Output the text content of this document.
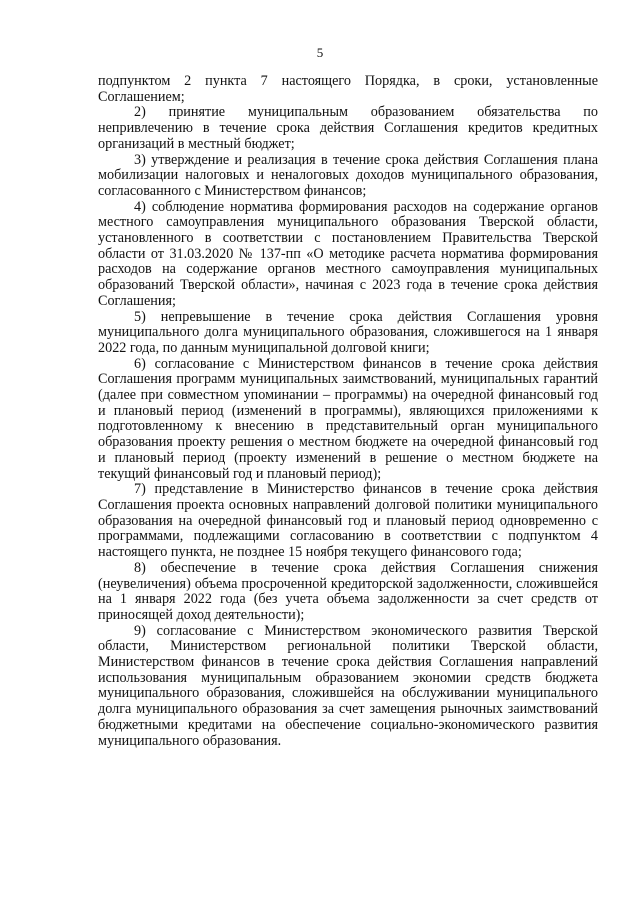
5

подпунктом 2 пункта 7 настоящего Порядка, в сроки, установленные Соглашением;

2) принятие муниципальным образованием обязательства по непривлечению в течение срока действия Соглашения кредитов кредитных организаций в местный бюджет;

3) утверждение и реализация в течение срока действия Соглашения плана мобилизации налоговых и неналоговых доходов муниципального образования, согласованного с Министерством финансов;

4) соблюдение норматива формирования расходов на содержание органов местного самоуправления муниципального образования Тверской области, установленного в соответствии с постановлением Правительства Тверской области от 31.03.2020 № 137-пп «О методике расчета норматива формирования расходов на содержание органов местного самоуправления муниципальных образований Тверской области», начиная с 2023 года в течение срока действия Соглашения;

5) непревышение в течение срока действия Соглашения уровня муниципального долга муниципального образования, сложившегося на 1 января 2022 года, по данным муниципальной долговой книги;

6) согласование с Министерством финансов в течение срока действия Соглашения программ муниципальных заимствований, муниципальных гарантий (далее при совместном упоминании – программы) на очередной финансовый год и плановый период (изменений в программы), являющихся приложениями к подготовленному к внесению в представительный орган муниципального образования проекту решения о местном бюджете на очередной финансовый год и плановый период (проекту изменений в решение о местном бюджете на текущий финансовый год и плановый период);

7) представление в Министерство финансов в течение срока действия Соглашения проекта основных направлений долговой политики муниципального образования на очередной финансовый год и плановый период одновременно с программами, подлежащими согласованию в соответствии с подпунктом 4 настоящего пункта, не позднее 15 ноября текущего финансового года;

8) обеспечение в течение срока действия Соглашения снижения (неувеличения) объема просроченной кредиторской задолженности, сложившейся на 1 января 2022 года (без учета объема задолженности за счет средств от приносящей доход деятельности);

9) согласование с Министерством экономического развития Тверской области, Министерством региональной политики Тверской области, Министерством финансов в течение срока действия Соглашения направлений использования муниципальным образованием экономии средств бюджета муниципального образования, сложившейся на обслуживании муниципального долга муниципального образования за счет замещения рыночных заимствований бюджетными кредитами на обеспечение социально-экономического развития муниципального образования.
